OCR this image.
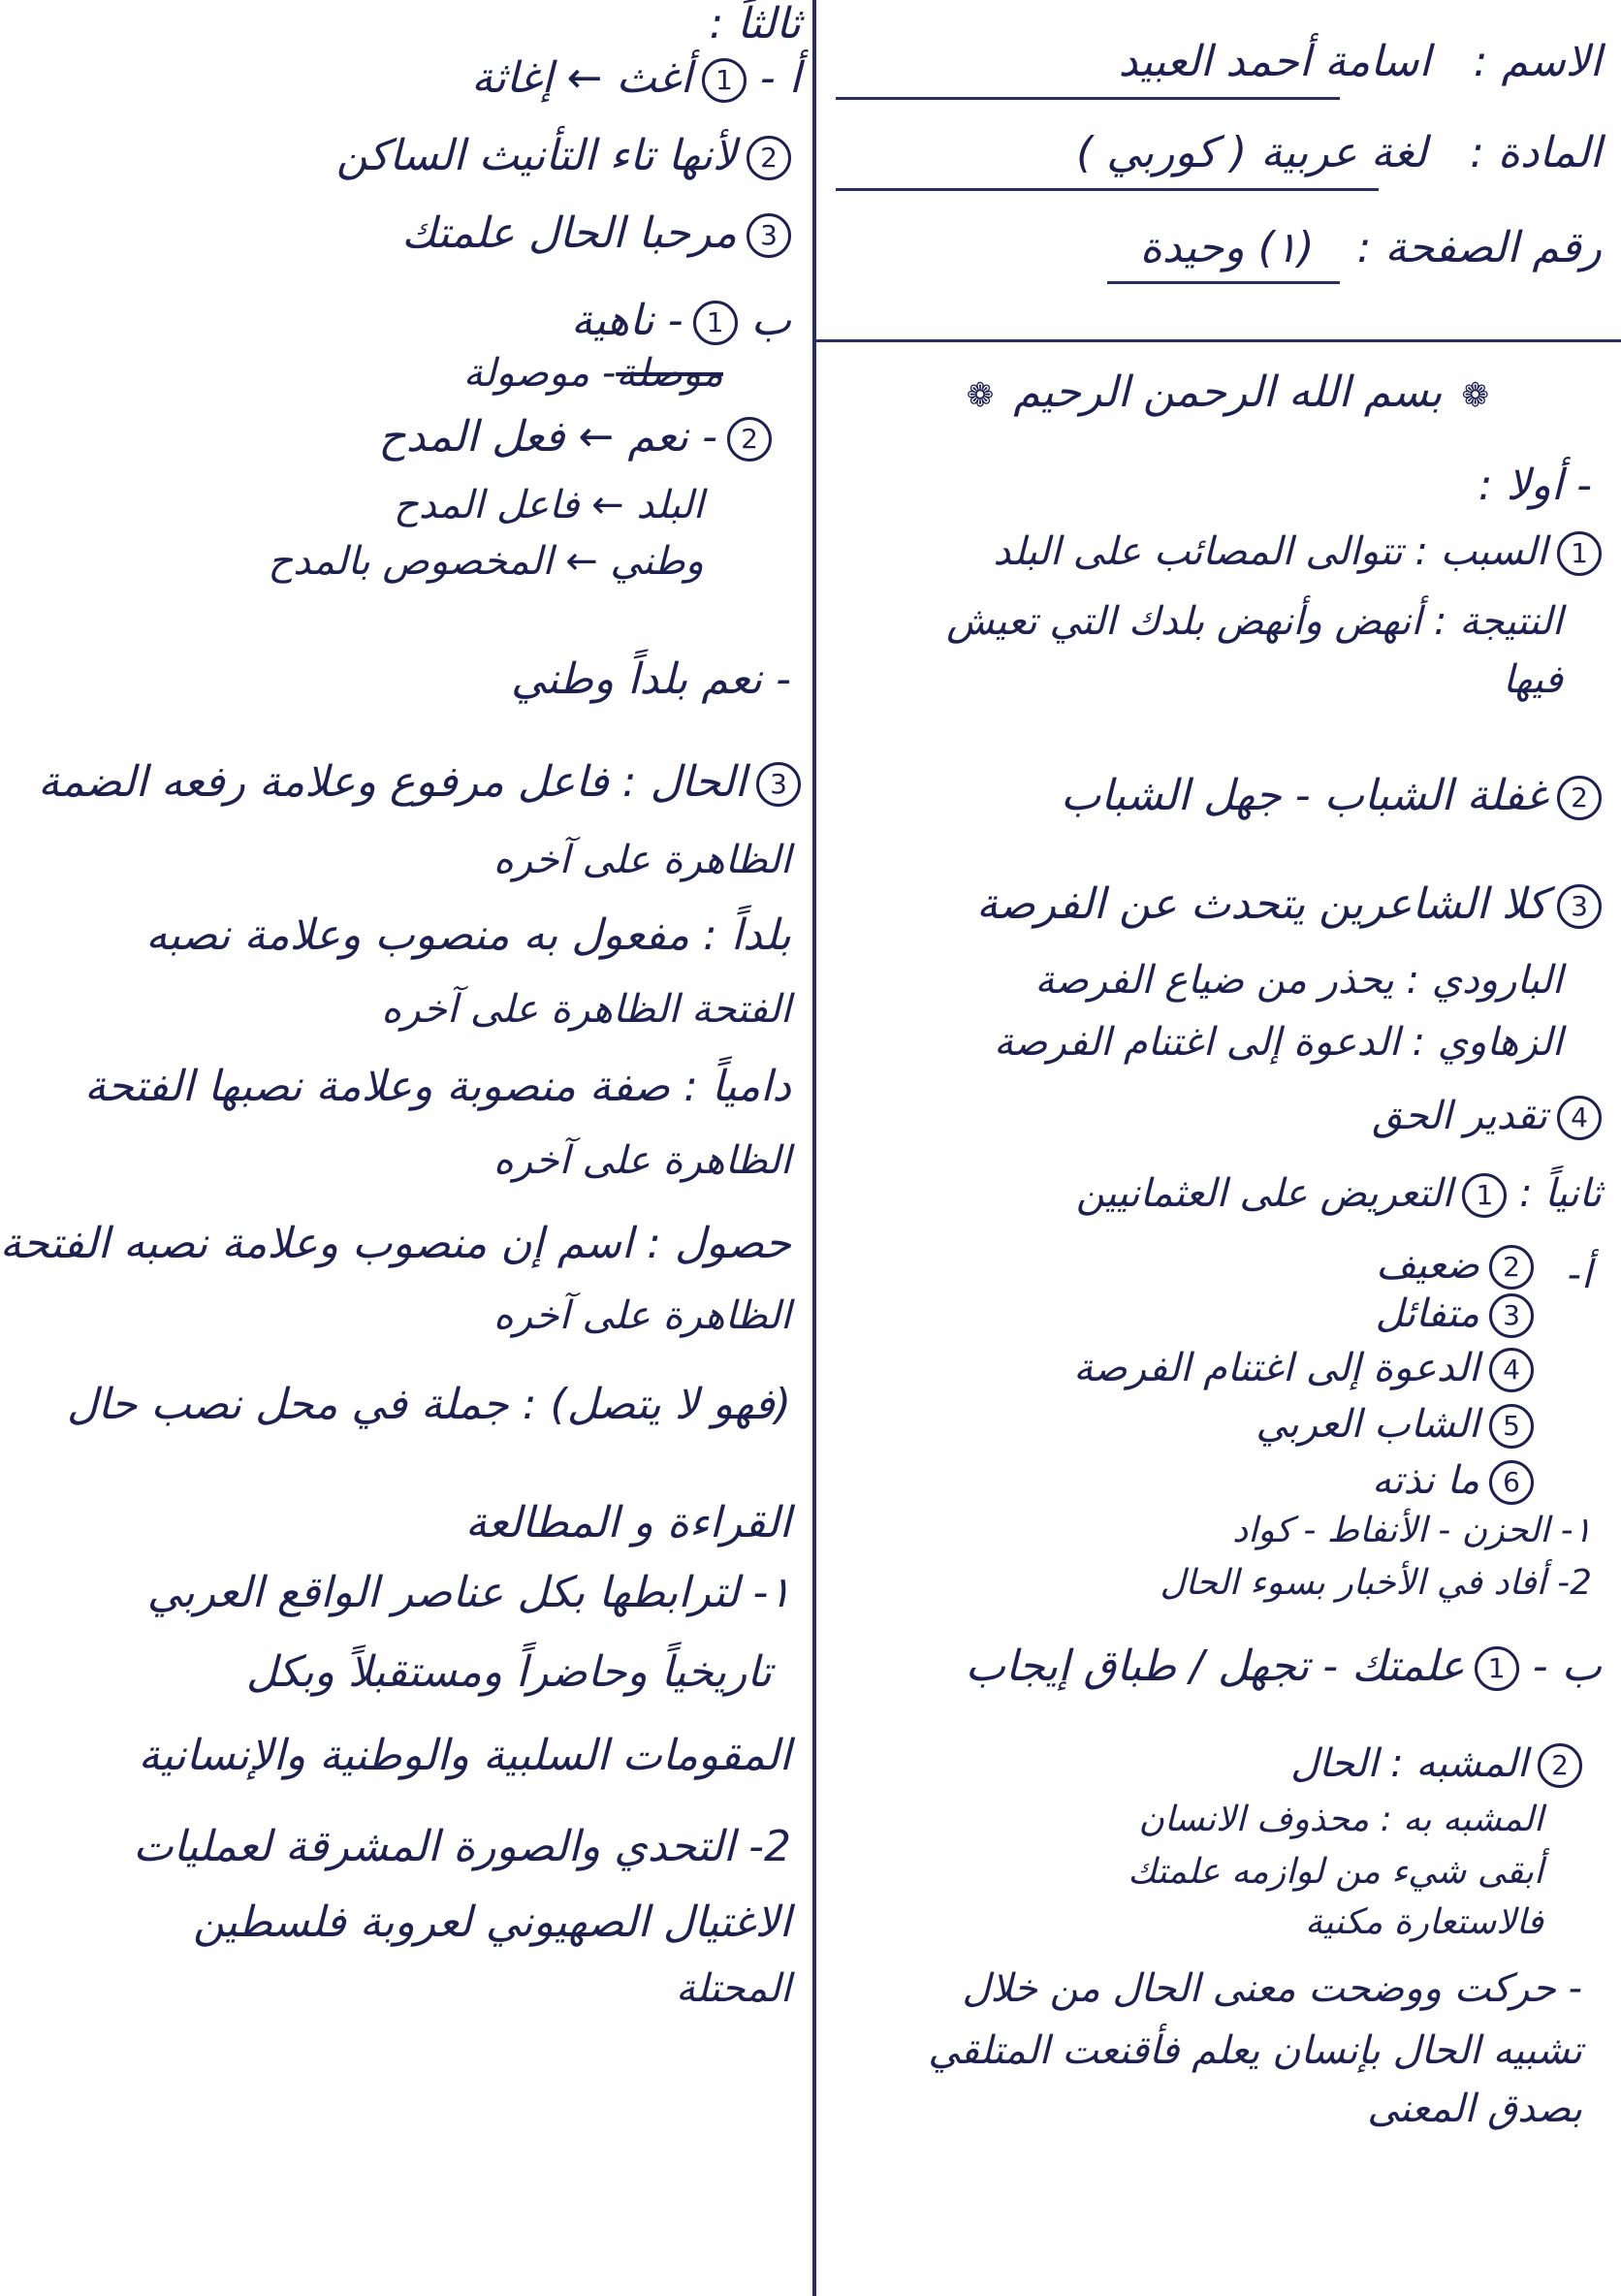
الاسم : اسامة أحمد العبيد
المادة : لغة عربية ( كوربي )
رقم الصفحة : (١) وحيدة
❁ بسم الله الرحمن الرحيم ❁
- أولا :
1السبب : تتوالى المصائب على البلد
النتيجة : أنهض وأنهض بلدك التي تعيش
فيها
2غفلة الشباب - جهل الشباب
3كلا الشاعرين يتحدث عن الفرصة
البارودي : يحذر من ضياع الفرصة
الزهاوي : الدعوة إلى اغتنام الفرصة
4تقدير الحق
ثانياً : 1التعريض على العثمانيين
أ-
2ضعيف
3متفائل
4الدعوة إلى اغتنام الفرصة
5الشاب العربي
6ما نذته
١- الحزن - الأنفاط - كواد
2- أفاد في الأخبار بسوء الحال
ب - 1علمتك - تجهل / طباق إيجاب
2المشبه : الحال
المشبه به : محذوف الانسان
أبقى شيء من لوازمه علمتك
فالاستعارة مكنية
- حركت ووضحت معنى الحال من خلال
تشبيه الحال بإنسان يعلم فأقنعت المتلقي
بصدق المعنى
ثالثاً :
أ - 1أغث ← إغاثة
2لأنها تاء التأنيث الساكن
3مرحبا الحال علمتك
ب 1- ناهية
موصلة- موصولة
2- نعم ← فعل المدح
البلد ← فاعل المدح
وطني ← المخصوص بالمدح
- نعم بلداً وطني
3الحال : فاعل مرفوع وعلامة رفعه الضمة
الظاهرة على آخره
بلداً : مفعول به منصوب وعلامة نصبه
الفتحة الظاهرة على آخره
دامياً : صفة منصوبة وعلامة نصبها الفتحة
الظاهرة على آخره
حصول : اسم إن منصوب وعلامة نصبه الفتحة
الظاهرة على آخره
(فهو لا يتصل) : جملة في محل نصب حال
القراءة و المطالعة
١- لترابطها بكل عناصر الواقع العربي
تاريخياً وحاضراً ومستقبلاً وبكل
المقومات السلبية والوطنية والإنسانية
2- التحدي والصورة المشرقة لعمليات
الاغتيال الصهيوني لعروبة فلسطين
المحتلة
